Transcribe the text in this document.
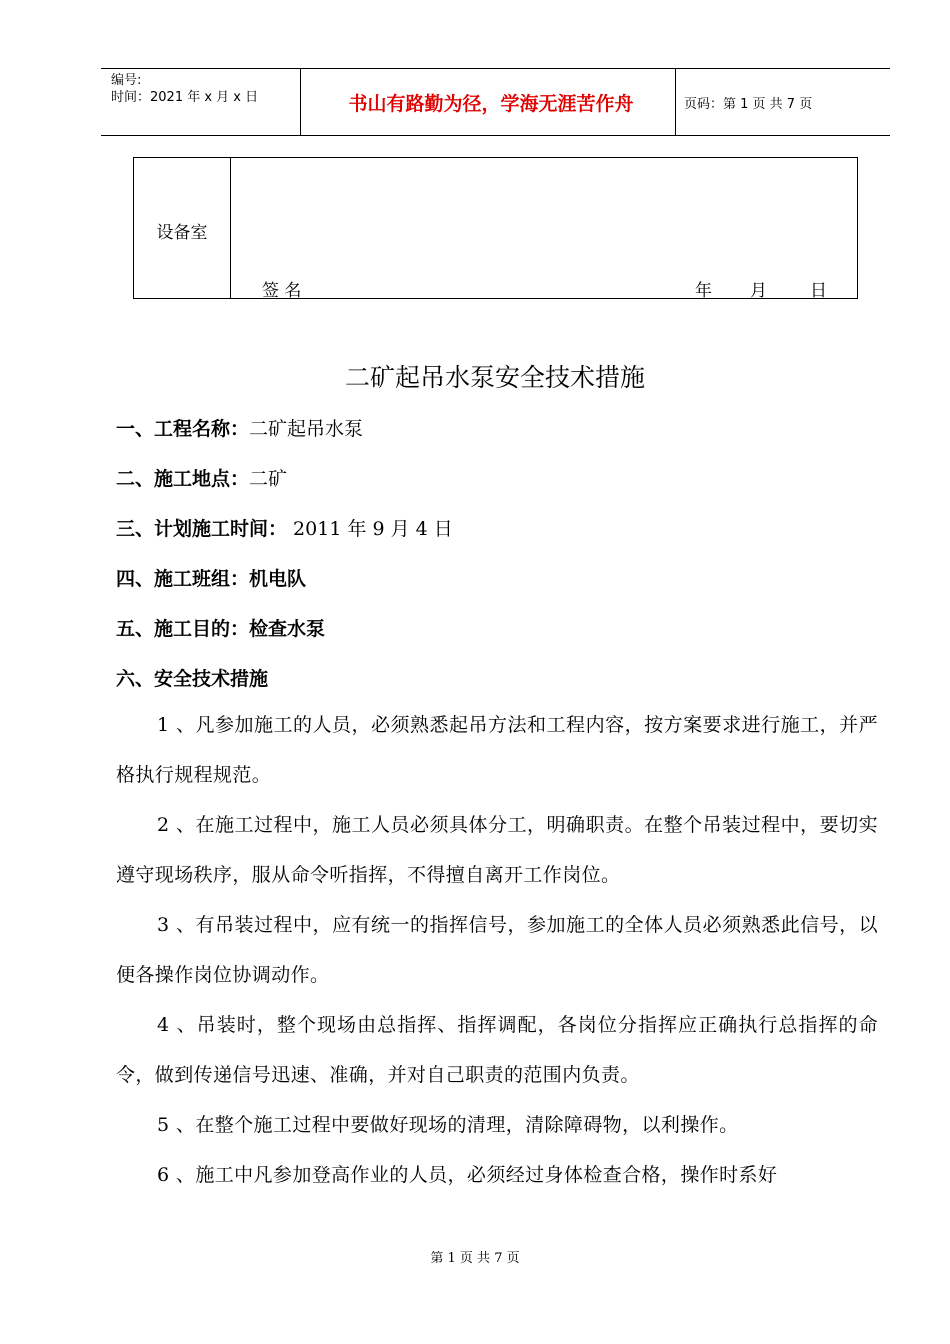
编号:
时间：2021 年 x 月 x 日	书山有路勤为径，学海无涯苦作舟	页码：第 1 页 共 7 页
设备室
签 名	年 月	日
二矿起吊水泵安全技术措施
一、工程名称：二矿起吊水泵
二、施工地点：二矿
三、计划施工时间： 2011 年 9 月 4 日
四、施工班组：机电队
五、施工目的：检查水泵
六、安全技术措施
1 、凡参加施工的人员，必须熟悉起吊方法和工程内容，按方案要求进行施工，并严格执行规程规范。
2 、在施工过程中，施工人员必须具体分工，明确职责。在整个吊装过程中，要切实遵守现场秩序，服从命令听指挥，不得擅自离开工作岗位。
3 、有吊装过程中，应有统一的指挥信号，参加施工的全体人员必须熟悉此信号，以便各操作岗位协调动作。
4 、吊装时，整个现场由总指挥、指挥调配，各岗位分指挥应正确执行总指挥的命令，做到传递信号迅速、准确，并对自己职责的范围内负责。
5 、在整个施工过程中要做好现场的清理，清除障碍物，以利操作。
6 、施工中凡参加登高作业的人员，必须经过身体检查合格，操作时系好
第 1 页 共 7 页
